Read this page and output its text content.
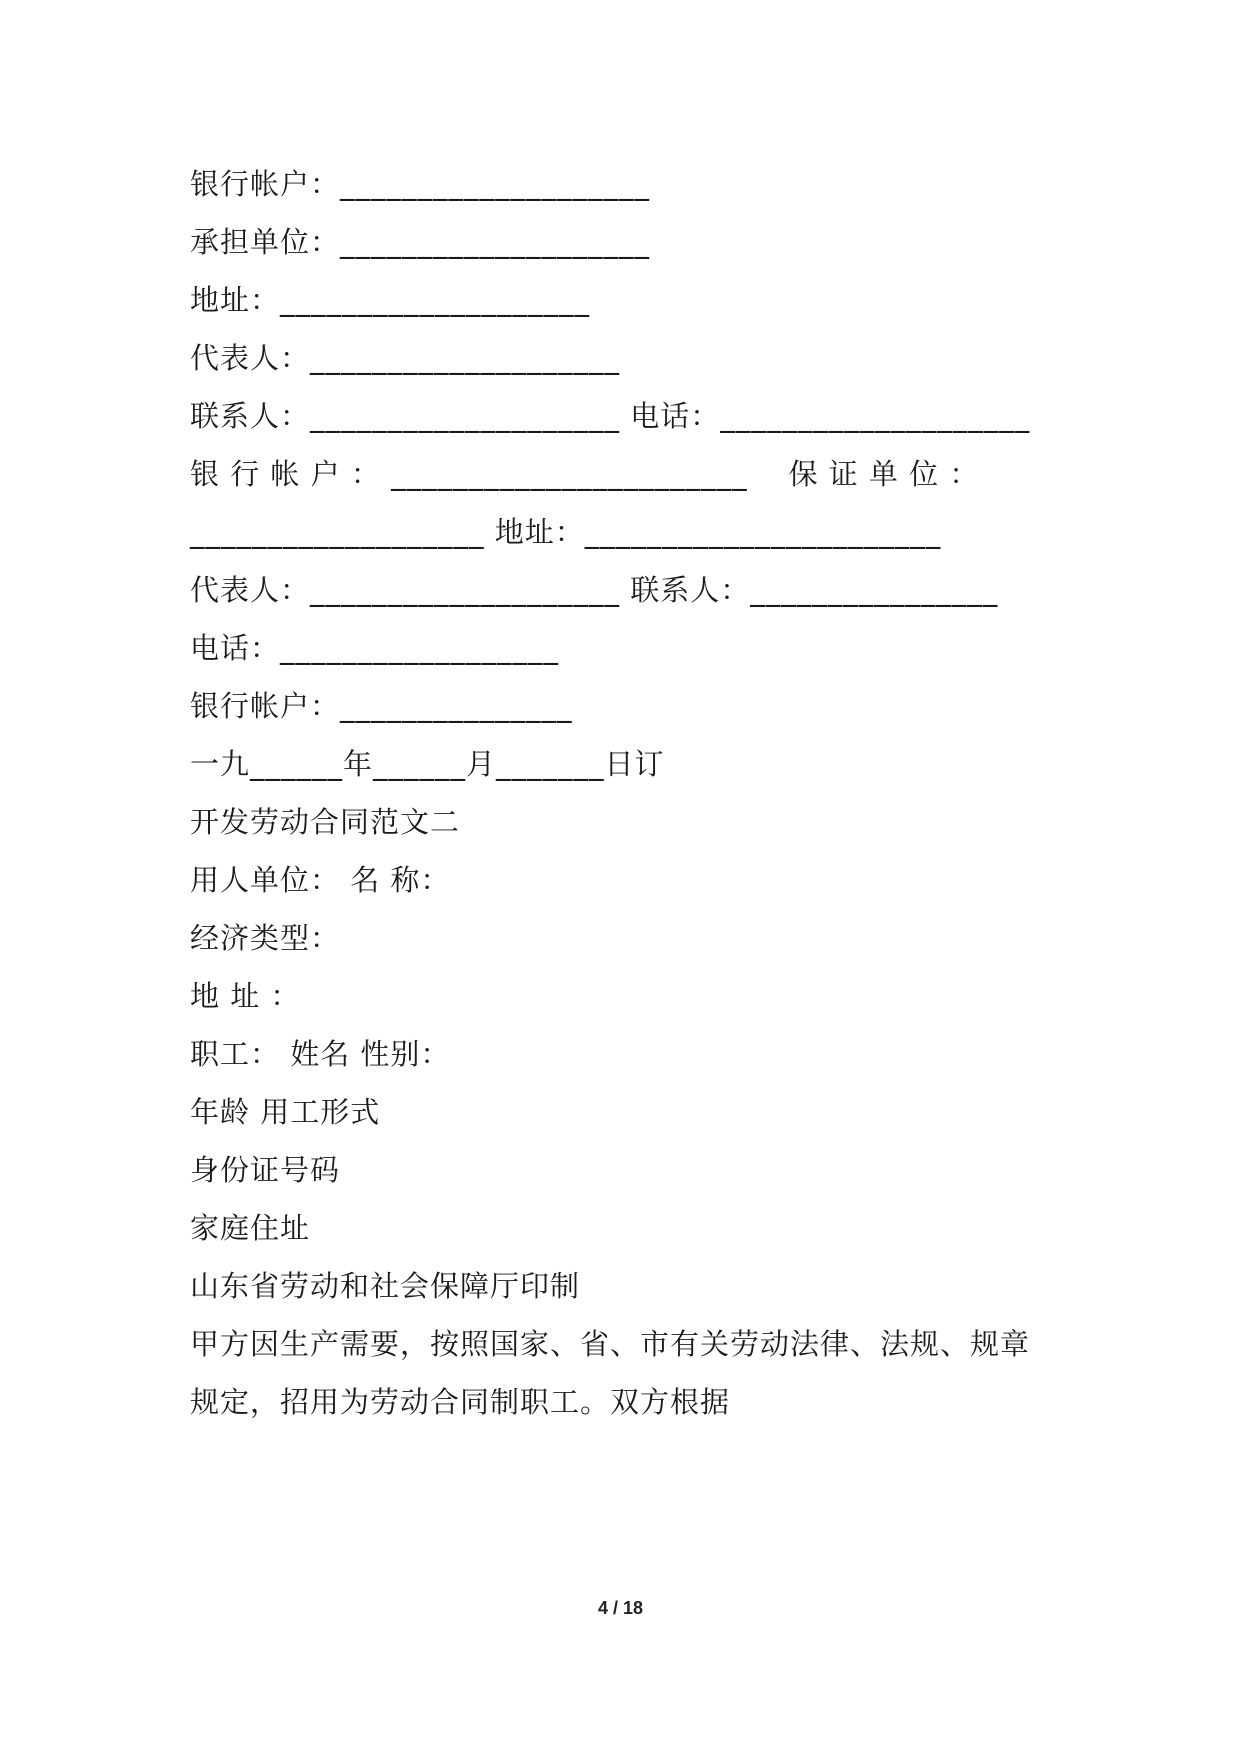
银行帐户：____________________
承担单位：____________________
地址：____________________
代表人：____________________
联系人：____________________ 电话：____________________
银 行 帐 户 ： _______________________    保 证 单 位 ：
___________________ 地址：_______________________
代表人：____________________ 联系人：________________
电话：__________________
银行帐户：_______________
一九______年______月_______日订
开发劳动合同范文二
用人单位： 名 称：
经济类型：
地 址 ：
职工： 姓名 性别：
年龄 用工形式
身份证号码
家庭住址
山东省劳动和社会保障厅印制
甲方因生产需要，按照国家、省、市有关劳动法律、法规、规章
规定，招用为劳动合同制职工。双方根据
4 / 18
